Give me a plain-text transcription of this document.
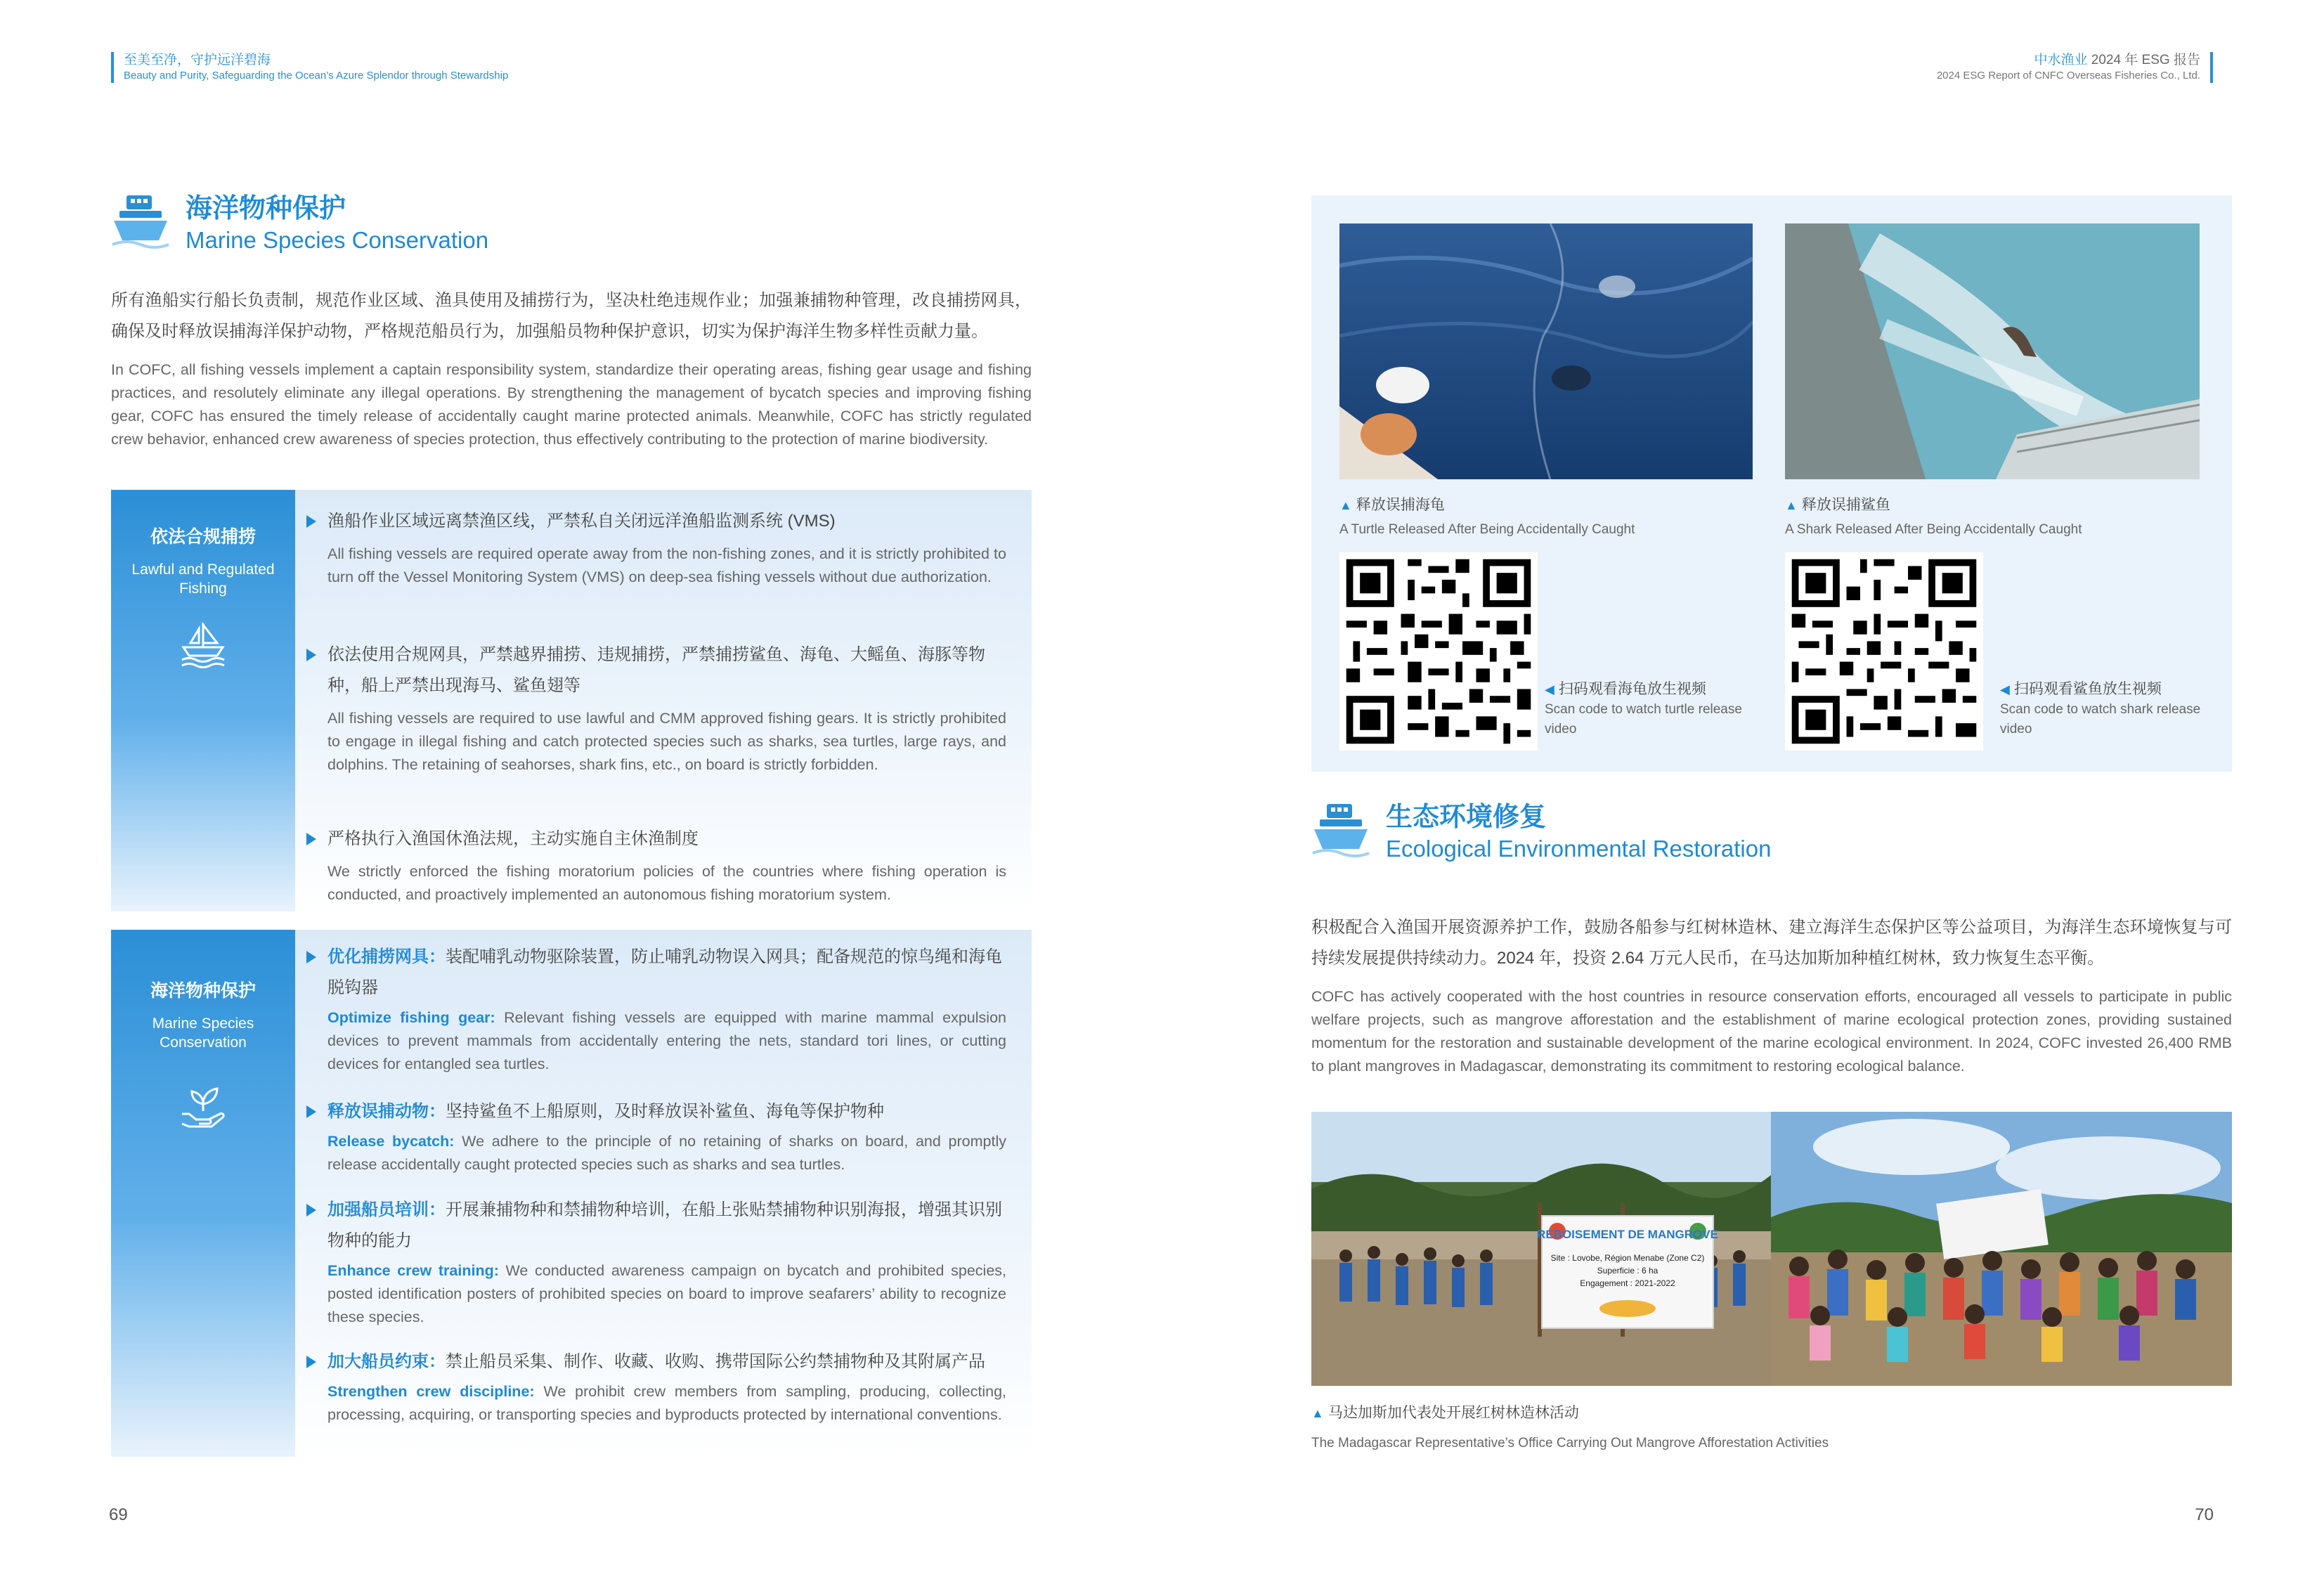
至美至净，守护远洋碧海
Beauty and Purity, Safeguarding the Ocean’s Azure Splendor through Stewardship
中水渔业 2024 年 ESG 报告
2024 ESG Report of CNFC Overseas Fisheries Co., Ltd.
海洋物种保护
Marine Species Conservation
所有渔船实行船长负责制，规范作业区域、渔具使用及捕捞行为，坚决杜绝违规作业；加强兼捕物种管理，改良捕捞网具，确保及时释放误捕海洋保护动物，严格规范船员行为，加强船员物种保护意识，切实为保护海洋生物多样性贡献力量。
In COFC, all fishing vessels implement a captain responsibility system, standardize their operating areas, fishing gear usage and fishing practices, and resolutely eliminate any illegal operations. By strengthening the management of bycatch species and improving fishing gear, COFC has ensured the timely release of accidentally caught marine protected animals. Meanwhile, COFC has strictly regulated crew behavior, enhanced crew awareness of species protection, thus effectively contributing to the protection of marine biodiversity.
依法合规捕捞
Lawful and Regulated Fishing
渔船作业区域远离禁渔区线，严禁私自关闭远洋渔船监测系统 (VMS)
All fishing vessels are required operate away from the non-fishing zones, and it is strictly prohibited to turn off the Vessel Monitoring System (VMS) on deep-sea fishing vessels without due authorization.
依法使用合规网具，严禁越界捕捞、违规捕捞，严禁捕捞鲨鱼、海龟、大鳐鱼、海豚等物种，船上严禁出现海马、鲨鱼翅等
All fishing vessels are required to use lawful and CMM approved fishing gears. It is strictly prohibited to engage in illegal fishing and catch protected species such as sharks, sea turtles, large rays, and dolphins. The retaining of seahorses, shark fins, etc., on board is strictly forbidden.
严格执行入渔国休渔法规，主动实施自主休渔制度
We strictly enforced the fishing moratorium policies of the countries where fishing operation is conducted, and proactively implemented an autonomous fishing moratorium system.
海洋物种保护
Marine Species Conservation
优化捕捞网具：装配哺乳动物驱除装置，防止哺乳动物误入网具；配备规范的惊鸟绳和海龟脱钩器
Optimize fishing gear: Relevant fishing vessels are equipped with marine mammal expulsion devices to prevent mammals from accidentally entering the nets, standard tori lines, or cutting devices for entangled sea turtles.
释放误捕动物：坚持鲨鱼不上船原则，及时释放误补鲨鱼、海龟等保护物种
Release bycatch: We adhere to the principle of no retaining of sharks on board, and promptly release accidentally caught protected species such as sharks and sea turtles.
加强船员培训：开展兼捕物种和禁捕物种培训，在船上张贴禁捕物种识别海报，增强其识别物种的能力
Enhance crew training: We conducted awareness campaign on bycatch and prohibited species, posted identification posters of prohibited species on board to improve seafarers’ ability to recognize these species.
加大船员约束：禁止船员采集、制作、收藏、收购、携带国际公约禁捕物种及其附属产品
Strengthen crew discipline: We prohibit crew members from sampling, producing, collecting, processing, acquiring, or transporting species and byproducts protected by international conventions.
69
▲ 释放误捕海龟
A Turtle Released After Being Accidentally Caught
▲ 释放误捕鲨鱼
A Shark Released After Being Accidentally Caught
◀ 扫码观看海龟放生视频
Scan code to watch turtle release video
◀ 扫码观看鲨鱼放生视频
Scan code to watch shark release video
生态环境修复
Ecological Environmental Restoration
积极配合入渔国开展资源养护工作，鼓励各船参与红树林造林、建立海洋生态保护区等公益项目，为海洋生态环境恢复与可持续发展提供持续动力。2024 年，投资 2.64 万元人民币，在马达加斯加种植红树林，致力恢复生态平衡。
COFC has actively cooperated with the host countries in resource conservation efforts, encouraged all vessels to participate in public welfare projects, such as mangrove afforestation and the establishment of marine ecological protection zones, providing sustained momentum for the restoration and sustainable development of the marine ecological environment. In 2024, COFC invested 26,400 RMB to plant mangroves in Madagascar, demonstrating its commitment to restoring ecological balance.
REBOISEMENT DE MANGROVE
Site : Lovobe, Région Menabe (Zone C2)
Superficie : 6 ha
Engagement : 2021-2022
▲ 马达加斯加代表处开展红树林造林活动
The Madagascar Representative’s Office Carrying Out Mangrove Afforestation Activities
70
